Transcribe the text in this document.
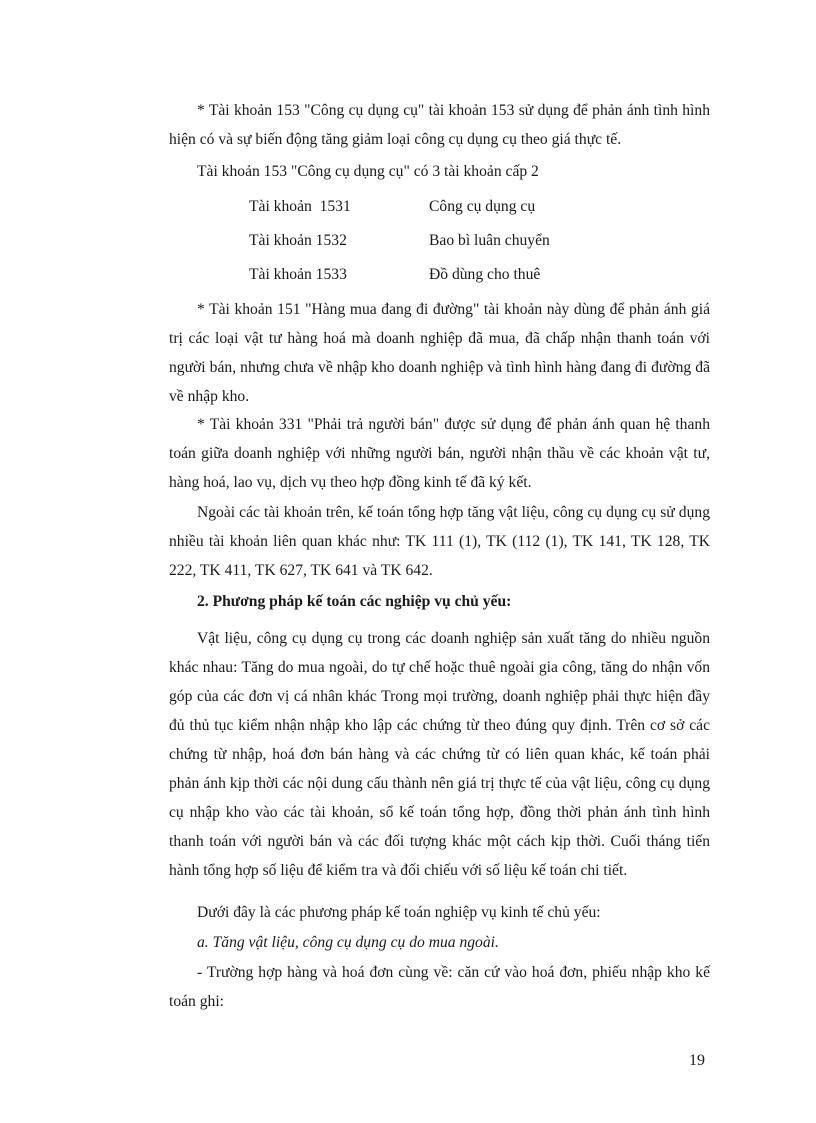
* Tài khoản 153 "Công cụ dụng cụ" tài khoản 153 sử dụng để phản ánh tình hình hiện có và sự biến động tăng giảm loại công cụ dụng cụ theo giá thực tế.

Tài khoản 153 "Công cụ dụng cụ" có 3 tài khoản cấp 2

Tài khoản  1531	Công cụ dụng cụ
Tài khoản 1532	Bao bì luân chuyển
Tài khoản 1533	Đồ dùng cho thuê

* Tài khoản 151 "Hàng mua đang đi đường" tài khoản này dùng để phản ánh giá trị các loại vật tư hàng hoá mà doanh nghiệp đã mua, đã chấp nhận thanh toán với người bán, nhưng chưa về nhập kho doanh nghiệp và tình hình hàng đang đi đường đã về nhập kho.

* Tài khoản 331 "Phải trả người bán" được sử dụng để phản ánh quan hệ thanh toán giữa doanh nghiệp với những người bán, người nhận thầu về các khoản vật tư, hàng hoá, lao vụ, dịch vụ theo hợp đồng kinh tế đã ký kết.

Ngoài các tài khoản trên, kế toán tổng hợp tăng vật liệu, công cụ dụng cụ sử dụng nhiều tài khoản liên quan khác như: TK 111 (1), TK (112 (1), TK 141, TK 128, TK 222, TK 411, TK 627, TK 641 và TK 642.

2. Phương pháp kế toán các nghiệp vụ chủ yếu:

Vật liệu, công cụ dụng cụ trong các doanh nghiệp sản xuất tăng do nhiều nguồn khác nhau: Tăng do mua ngoài, do tự chế hoặc thuê ngoài gia công, tăng do nhận vốn góp của các đơn vị cá nhân khác Trong mọi trường, doanh nghiệp phải thực hiện đầy đủ thủ tục kiểm nhận nhập kho lập các chứng từ theo đúng quy định. Trên cơ sở các chứng từ nhập, hoá đơn bán hàng và các chứng từ có liên quan khác, kế toán phải phản ánh kịp thời các nội dung cấu thành nên giá trị thực tế của vật liệu, công cụ dụng cụ nhập kho vào các tài khoản, sổ kế toán tổng hợp, đồng thời phản ánh tình hình thanh toán với người bán và các đối tượng khác một cách kịp thời. Cuối tháng tiến hành tổng hợp số liệu để kiểm tra và đối chiếu với số liệu kế toán chi tiết.

Dưới đây là các phương pháp kế toán nghiệp vụ kinh tế chủ yếu:

a. Tăng vật liệu, công cụ dụng cụ do mua ngoài.

- Trường hợp hàng và hoá đơn cùng về: căn cứ vào hoá đơn, phiếu nhập kho kế toán ghi:

19
